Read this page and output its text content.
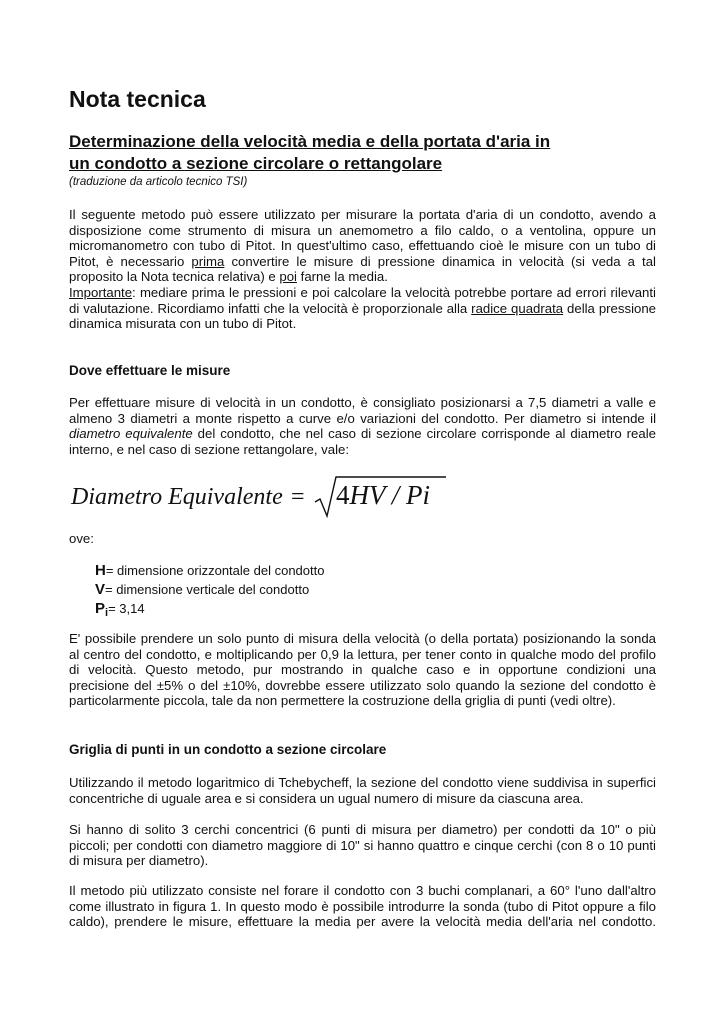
Nota tecnica
Determinazione della velocità media e della portata d'aria in
un condotto a sezione circolare o rettangolare

(traduzione da articolo tecnico TSI)

Il seguente metodo può essere utilizzato per misurare la portata d'aria di un condotto, avendo a
disposizione come strumento di misura un anemometro a filo caldo, o a ventolina, oppure un
micromanometro con tubo di Pitot. In quest'ultimo caso, effettuando cioè le misure con un tubo di
Pitot, è necessario prima convertire le misure di pressione dinamica in velocità (si veda a tal
proposito la Nota tecnica relativa) e poi farne la media.
Importante: mediare prima le pressioni e poi calcolare la velocità potrebbe portare ad errori rilevanti
di valutazione. Ricordiamo infatti che la velocità è proporzionale alla radice quadrata della pressione
dinamica misurata con un tubo di Pitot.
Dove effettuare le misure
Per effettuare misure di velocità in un condotto, è consigliato posizionarsi a 7,5 diametri a valle e
almeno 3 diametri a monte rispetto a curve e/o variazioni del condotto. Per diametro si intende il
diametro equivalente del condotto, che nel caso di sezione circolare corrisponde al diametro reale
interno, e nel caso di sezione rettangolare, vale:
Diametro Equivalente = 4HV / Pi

ove:

H= dimensione orizzontale del condotto
V= dimensione verticale del condotto
$P_i= 3,14$
E' possibile prendere un solo punto di misura della velocità (o della portata) posizionando la sonda
al centro del condotto, e moltiplicando per 0,9 la lettura, per tener conto in qualche modo del profilo
di velocità. Questo metodo, pur mostrando in qualche caso e in opportune condizioni una
precisione del ±5% o del ±10%, dovrebbe essere utilizzato solo quando la sezione del condotto è
particolarmente piccola, tale da non permettere la costruzione della griglia di punti (vedi oltre).
Griglia di punti in un condotto a sezione circolare
Utilizzando il metodo logaritmico di Tchebycheff, la sezione del condotto viene suddivisa in superfici
concentriche di uguale area e si considera un ugual numero di misure da ciascuna area.
Si hanno di solito 3 cerchi concentrici (6 punti di misura per diametro) per condotti da 10" o più
piccoli; per condotti con diametro maggiore di 10" si hanno quattro e cinque cerchi (con 8 o 10 punti
di misura per diametro).
Il metodo più utilizzato consiste nel forare il condotto con 3 buchi complanari, a 60° l'uno dall'altro
come illustrato in figura 1. In questo modo è possibile introdurre la sonda (tubo di Pitot oppure a filo
caldo), prendere le misure, effettuare la media per avere la velocità media dell'aria nel condotto.
